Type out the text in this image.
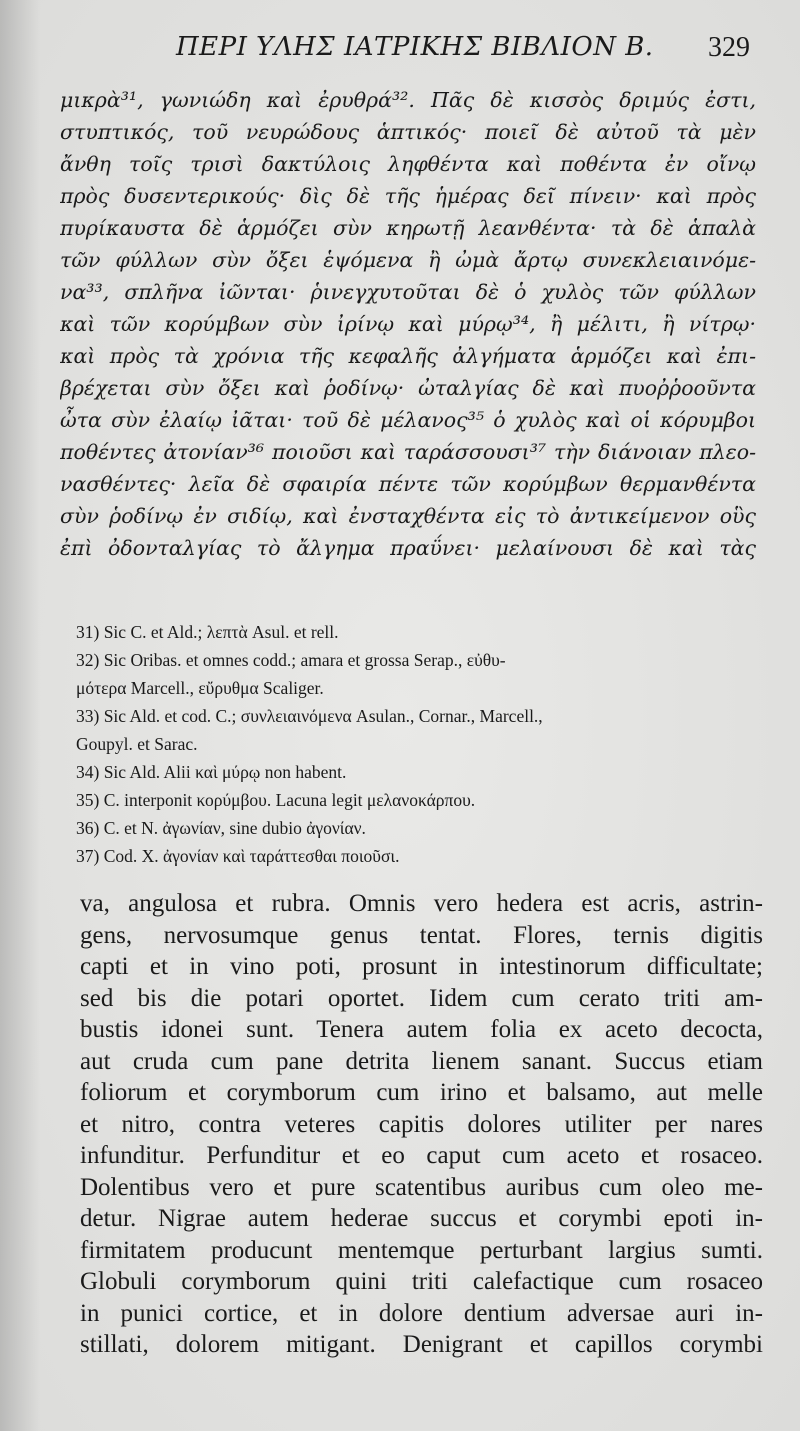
ΠΕΡΙ ΥΛΗΣ ΙΑΤΡΙΚΗΣ ΒΙΒΛΙΟΝ Β. 329
μικρὰ³¹, γωνιώδη καὶ ἐρυθρά³². Πᾶς δὲ κισσὸς δριμύς ἐστι,
στυπτικός, τοῦ νευρώδους ἁπτικός· ποιεῖ δὲ αὐτοῦ τὰ μὲν
ἄνθη τοῖς τρισὶ δακτύλοις ληφθέντα καὶ ποθέντα ἐν οἴνῳ
πρὸς δυσεντερικούς· δὶς δὲ τῆς ἡμέρας δεῖ πίνειν· καὶ πρὸς
πυρίκαυστα δὲ ἁρμόζει σὺν κηρωτῇ λεανθέντα· τὰ δὲ ἁπαλὰ
τῶν φύλλων σὺν ὄξει ἑψόμενα ἢ ὠμὰ ἄρτῳ συνεκλειαινόμε-
να³³, σπλῆνα ἰῶνται· ῥινεγχυτοῦται δὲ ὁ χυλὸς τῶν φύλλων
καὶ τῶν κορύμβων σὺν ἰρίνῳ καὶ μύρῳ³⁴, ἢ μέλιτι, ἢ νίτρῳ·
καὶ πρὸς τὰ χρόνια τῆς κεφαλῆς ἀλγήματα ἁρμόζει καὶ ἐπι-
βρέχεται σὺν ὄξει καὶ ῥοδίνῳ· ὠταλγίας δὲ καὶ πυοῤῥοοῦντα
ὦτα σὺν ἐλαίῳ ἰᾶται· τοῦ δὲ μέλανος³⁵ ὁ χυλὸς καὶ οἱ κόρυμβοι
ποθέντες ἀτονίαν³⁶ ποιοῦσι καὶ ταράσσουσι³⁷ τὴν διάνοιαν πλεο-
νασθέντες· λεῖα δὲ σφαιρία πέντε τῶν κορύμβων θερμανθέντα
σὺν ῥοδίνῳ ἐν σιδίῳ, καὶ ἐνσταχθέντα εἰς τὸ ἀντικείμενον οὓς
ἐπὶ ὀδονταλγίας τὸ ἄλγημα πραΰνει· μελαίνουσι δὲ καὶ τὰς
31) Sic C. et Ald.; λεπτὰ Asul. et rell.
32) Sic Oribas. et omnes codd.; amara et grossa Serap., εὐθυ-
μότερα Marcell., εὔρυθμα Scaliger.
33) Sic Ald. et cod. C.; συνλειαινόμενα Asulan., Cornar., Marcell.,
Goupyl. et Sarac.
34) Sic Ald. Alii καὶ μύρῳ non habent.
35) C. interponit κορύμβου. Lacuna legit μελανοκάρπου.
36) C. et N. ἀγωνίαν, sine dubio ἀγονίαν.
37) Cod. X. ἀγονίαν καὶ ταράττεσθαι ποιοῦσι.
va, angulosa et rubra. Omnis vero hedera est acris, astrin-
gens, nervosumque genus tentat. Flores, ternis digitis
capti et in vino poti, prosunt in intestinorum difficultate;
sed bis die potari oportet. Iidem cum cerato triti am-
bustis idonei sunt. Tenera autem folia ex aceto decocta,
aut cruda cum pane detrita lienem sanant. Succus etiam
foliorum et corymborum cum irino et balsamo, aut melle
et nitro, contra veteres capitis dolores utiliter per nares
infunditur. Perfunditur et eo caput cum aceto et rosaceo.
Dolentibus vero et pure scatentibus auribus cum oleo me-
detur. Nigrae autem hederae succus et corymbi epoti in-
firmitatem producunt mentemque perturbant largius sumti.
Globuli corymborum quini triti calefactique cum rosaceo
in punici cortice, et in dolore dentium adversae auri in-
stillati, dolorem mitigant. Denigrant et capillos corymbi
